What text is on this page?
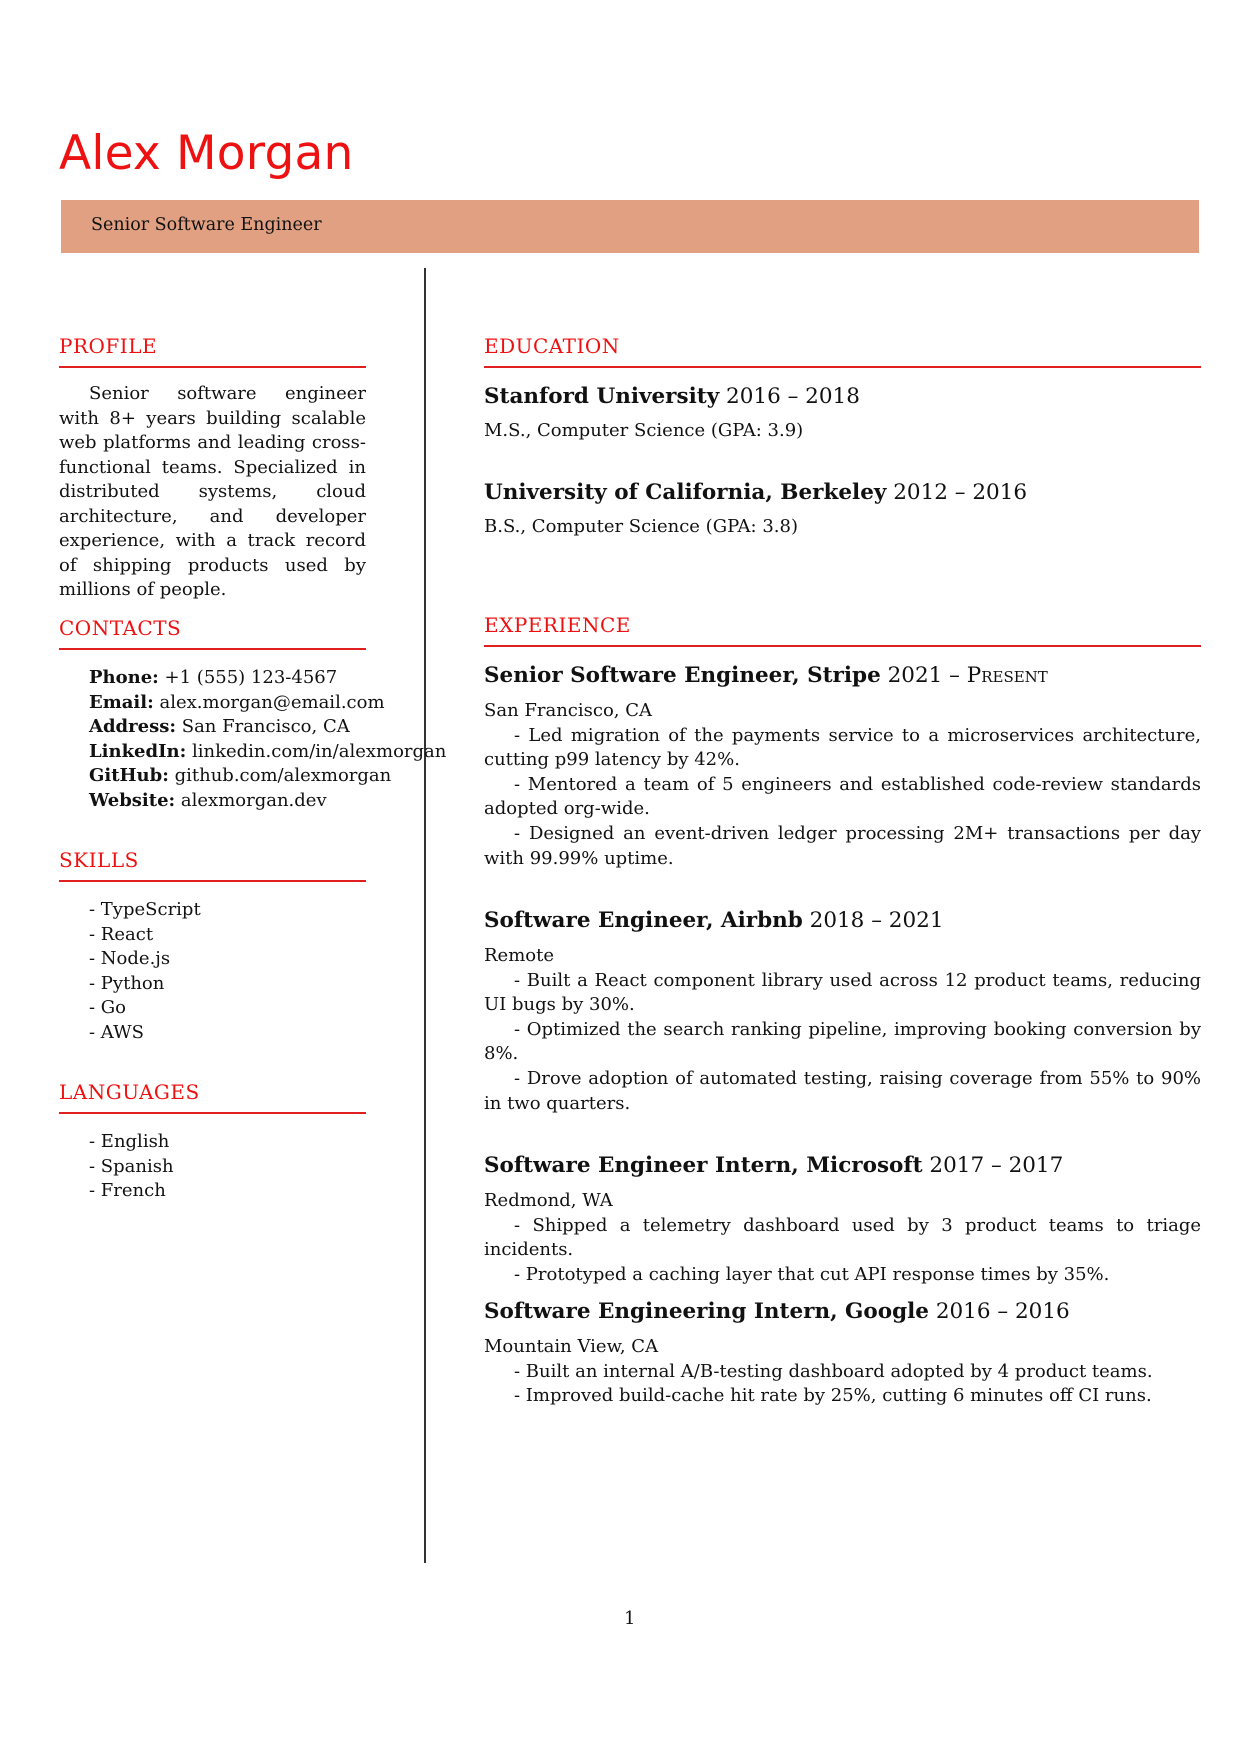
Alex Morgan
Senior Software Engineer
PROFILE
Senior software engineer with 8+ years building scalable web platforms and leading cross-functional teams. Specialized in distributed systems, cloud architecture, and developer experience, with a track record of shipping products used by millions of people.
CONTACTS
Phone: +1 (555) 123-4567
Email: alex.morgan@email.com
Address: San Francisco, CA
LinkedIn: linkedin.com/in/alexmorgan
GitHub: github.com/alexmorgan
Website: alexmorgan.dev
SKILLS
- TypeScript
- React
- Node.js
- Python
- Go
- AWS
LANGUAGES
- English
- Spanish
- French
EDUCATION
Stanford University 2016 – 2018
M.S., Computer Science (GPA: 3.9)
University of California, Berkeley 2012 – 2016
B.S., Computer Science (GPA: 3.8)
EXPERIENCE
Senior Software Engineer, Stripe 2021 – Present
San Francisco, CA
- Led migration of the payments service to a microservices architecture, cutting p99 latency by 42%.
- Mentored a team of 5 engineers and established code-review standards adopted org-wide.
- Designed an event-driven ledger processing 2M+ transactions per day with 99.99% uptime.
Software Engineer, Airbnb 2018 – 2021
Remote
- Built a React component library used across 12 product teams, reducing UI bugs by 30%.
- Optimized the search ranking pipeline, improving booking conversion by 8%.
- Drove adoption of automated testing, raising coverage from 55% to 90% in two quarters.
Software Engineer Intern, Microsoft 2017 – 2017
Redmond, WA
- Shipped a telemetry dashboard used by 3 product teams to triage incidents.
- Prototyped a caching layer that cut API response times by 35%.
Software Engineering Intern, Google 2016 – 2016
Mountain View, CA
- Built an internal A/B-testing dashboard adopted by 4 product teams.
- Improved build-cache hit rate by 25%, cutting 6 minutes off CI runs.
1
